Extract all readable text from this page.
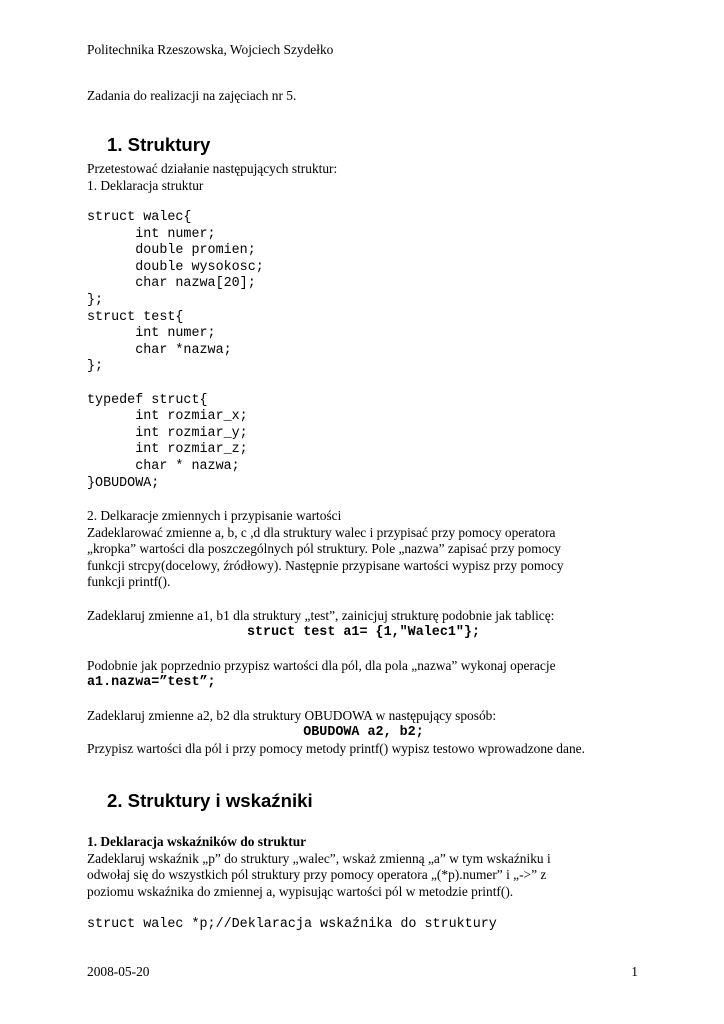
Politechnika Rzeszowska, Wojciech Szydełko
Zadania do realizacji na zajęciach nr 5.
1. Struktury
Przetestować działanie następujących struktur:
1. Deklaracja struktur
struct walec{
int numer;
double promien;
double wysokosc;
char nazwa[20];
};
struct test{
int numer;
char *nazwa;
};
typedef struct{
int rozmiar_x;
int rozmiar_y;
int rozmiar_z;
char * nazwa;
}OBUDOWA;
2. Delkaracje zmiennych i przypisanie wartości
Zadeklarować zmienne a, b, c ,d dla struktury walec i przypisać przy pomocy operatora
„kropka” wartości dla poszczególnych pól struktury. Pole „nazwa” zapisać przy pomocy
funkcji strcpy(docelowy, źródłowy). Następnie przypisane wartości wypisz przy pomocy
funkcji printf().
Zadeklaruj zmienne a1, b1 dla struktury „test”, zainicjuj strukturę podobnie jak tablicę:
struct test a1= {1,"Walec1"};
Podobnie jak poprzednio przypisz wartości dla pól, dla pola „nazwa” wykonaj operacje
a1.nazwa=”test”;
Zadeklaruj zmienne a2, b2 dla struktury OBUDOWA w następujący sposób:
OBUDOWA a2, b2;
Przypisz wartości dla pól i przy pomocy metody printf() wypisz testowo wprowadzone dane.
2. Struktury i wskaźniki
1. Deklaracja wskaźników do struktur
Zadeklaruj wskaźnik „p” do struktury „walec”, wskaż zmienną „a” w tym wskaźniku i
odwołaj się do wszystkich pól struktury przy pomocy operatora „(*p).numer” i „->” z
poziomu wskaźnika do zmiennej a, wypisując wartości pól w metodzie printf().
struct walec *p;//Deklaracja wskaźnika do struktury
2008-05-20	1
